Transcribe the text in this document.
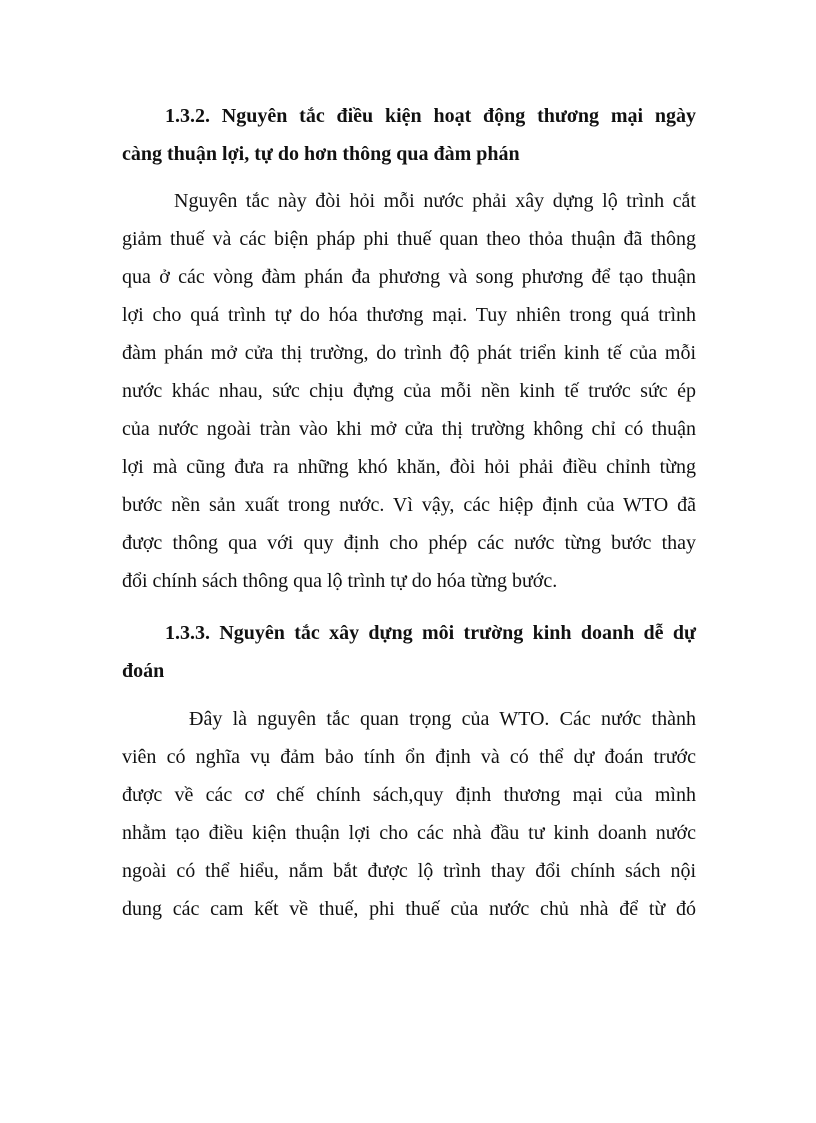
1.3.2. Nguyên tắc điều kiện hoạt động thương mại ngày
càng thuận lợi, tự do hơn thông qua đàm phán
Nguyên tắc này đòi hỏi mỗi nước phải xây dựng lộ trình cắt
giảm thuế và các biện pháp phi thuế quan theo thỏa thuận đã thông
qua ở các vòng đàm phán đa phương và song phương để tạo thuận
lợi cho quá trình tự do hóa thương mại. Tuy nhiên trong quá trình
đàm phán mở cửa thị trường, do trình độ phát triển kinh tế của mỗi
nước khác nhau, sức chịu đựng của mỗi nền kinh tế trước sức ép
của nước ngoài tràn vào khi mở cửa thị trường không chỉ có thuận
lợi mà cũng đưa ra những khó khăn, đòi hỏi phải điều chỉnh từng
bước nền sản xuất trong nước. Vì vậy, các hiệp định của WTO đã
được thông qua với quy định cho phép các nước từng bước thay
đổi chính sách thông qua lộ trình tự do hóa từng bước.
1.3.3. Nguyên tắc xây dựng môi trường kinh doanh dễ dự
đoán
Đây là nguyên tắc quan trọng của WTO. Các nước thành
viên có nghĩa vụ đảm bảo tính ổn định và có thể dự đoán trước
được về các cơ chế chính sách,quy định thương mại của mình
nhằm tạo điều kiện thuận lợi cho các nhà đầu tư kinh doanh nước
ngoài có thể hiểu, nắm bắt được lộ trình thay đổi chính sách nội
dung các cam kết về thuế, phi thuế của nước chủ nhà để từ đó
